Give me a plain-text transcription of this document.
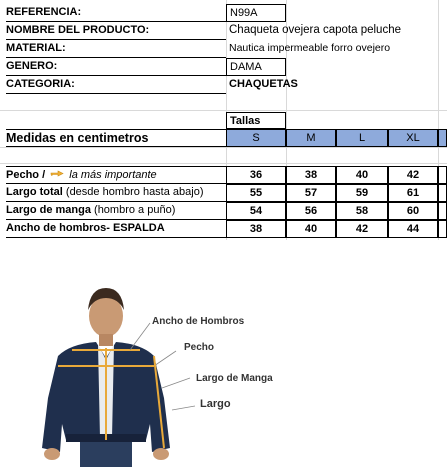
REFERENCIA:	N99A
NOMBRE DEL PRODUCTO:	Chaqueta ovejera capota peluche
MATERIAL:	Nautica impermeable forro ovejero
GENERO:	DAMA
CATEGORIA:	CHAQUETAS
Tallas
Medidas en centimetros	S	M	L	XL
Pecho / la más importante	36	38	40	42
Largo total (desde hombro hasta abajo)	55	57	59	61
Largo de manga (hombro a puño)	54	56	58	60
Ancho de hombros- ESPALDA	38	40	42	44
Ancho de Hombros
Pecho
Largo de Manga
Largo
